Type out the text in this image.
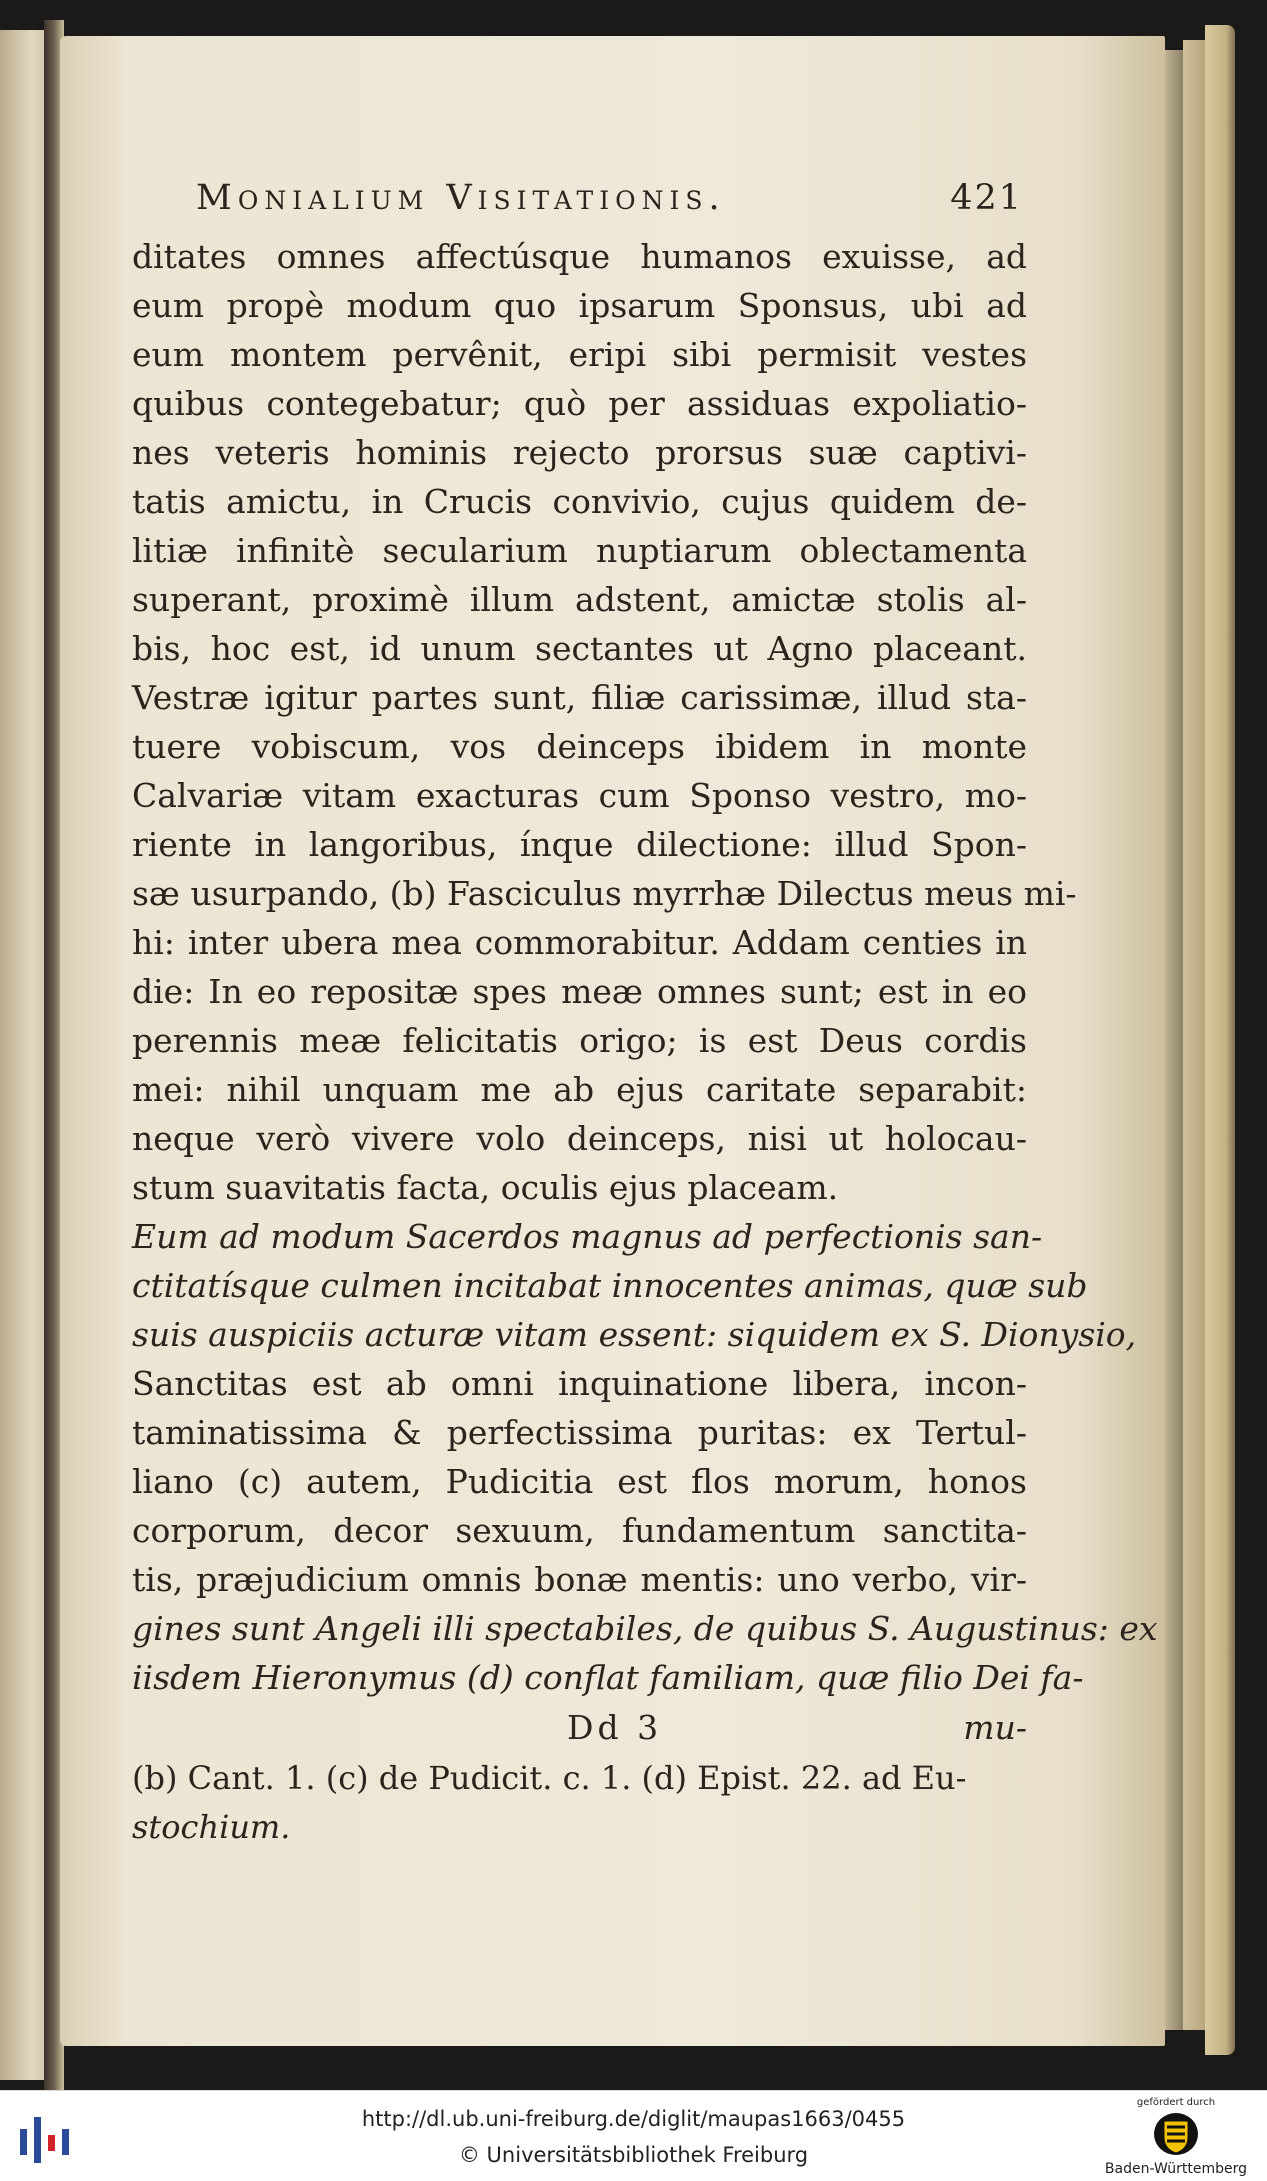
Monialium Visitationis.	421
ditates omnes affectúsque humanos exuisse, ad
eum propè modum quo ipsarum Sponsus, ubi ad
eum montem pervênit, eripi sibi permisit vestes
quibus contegebatur; quò per assiduas expoliatio-
nes veteris hominis rejecto prorsus suæ captivi-
tatis amictu, in Crucis convivio, cujus quidem de-
litiæ infinitè secularium nuptiarum oblectamenta
superant, proximè illum adstent, amictæ stolis al-
bis, hoc est, id unum sectantes ut Agno placeant.
Vestræ igitur partes sunt, filiæ carissimæ, illud sta-
tuere vobiscum, vos deinceps ibidem in monte
Calvariæ vitam exacturas cum Sponso vestro, mo-
riente in langoribus, ínque dilectione: illud Spon-
sæ usurpando, (b) Fasciculus myrrhæ Dilectus meus mi-
hi: inter ubera mea commorabitur. Addam centies in
die: In eo repositæ spes meæ omnes sunt; est in eo
perennis meæ felicitatis origo; is est Deus cordis
mei: nihil unquam me ab ejus caritate separabit:
neque verò vivere volo deinceps, nisi ut holocau-
stum suavitatis facta, oculis ejus placeam.
Eum ad modum Sacerdos magnus ad perfectionis san-
ctitatísque culmen incitabat innocentes animas, quæ sub
suis auspiciis acturæ vitam essent: siquidem ex S. Dionysio,
Sanctitas est ab omni inquinatione libera, incon-
taminatissima & perfectissima puritas: ex Tertul-
liano (c) autem, Pudicitia est flos morum, honos
corporum, decor sexuum, fundamentum sanctita-
tis, præjudicium omnis bonæ mentis: uno verbo, vir-
gines sunt Angeli illi spectabiles, de quibus S. Augustinus: ex
iisdem Hieronymus (d) conflat familiam, quæ filio Dei fa-
Dd 3	mu-
(b) Cant. 1. (c) de Pudicit. c. 1. (d) Epist. 22. ad Eu-
stochium.
http://dl.ub.uni-freiburg.de/diglit/maupas1663/0455
© Universitätsbibliothek Freiburg
gefördert durch
Baden-Württemberg
